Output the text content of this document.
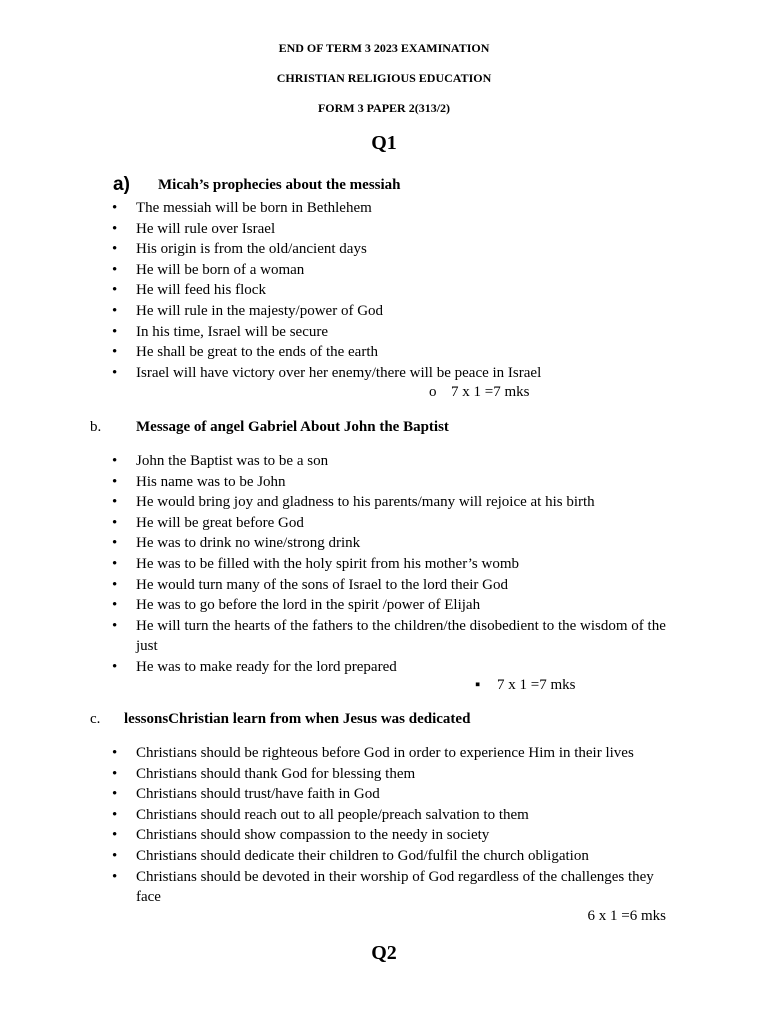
END OF TERM 3 2023 EXAMINATION
CHRISTIAN RELIGIOUS EDUCATION
FORM 3 PAPER 2(313/2)
Q1
a) Micah’s prophecies about the messiah
• The messiah will be born in Bethlehem
• He will rule over Israel
• His origin is from the old/ancient days
• He will be born of a woman
• He will feed his flock
• He will rule in the majesty/power of God
• In his time, Israel will be secure
• He shall be great to the ends of the earth
• Israel will have victory over her enemy/there will be peace in Israel
o 7 x 1 =7 mks
b. Message of angel Gabriel About John the Baptist
• John the Baptist was to be a son
• His name was to be John
• He would bring joy and gladness to his parents/many will rejoice at his birth
• He will be great before God
• He was to drink no wine/strong drink
• He was to be filled with the holy spirit from his mother’s womb
• He would turn many of the sons of Israel to the lord their God
• He was to go before the lord in the spirit /power of Elijah
• He will turn the hearts of the fathers to the children/the disobedient to the wisdom of the just
• He was to make ready for the lord prepared
▪ 7 x 1 =7 mks
c. lessonsChristian learn from when Jesus was dedicated
• Christians should be righteous before God in order to experience Him in their lives
• Christians should thank God for blessing them
• Christians should trust/have faith in God
• Christians should reach out to all people/preach salvation to them
• Christians should show compassion to the needy in society
• Christians should dedicate their children to God/fulfil the church obligation
• Christians should be devoted in their worship of God regardless of the challenges they face
6 x 1 =6 mks
Q2
